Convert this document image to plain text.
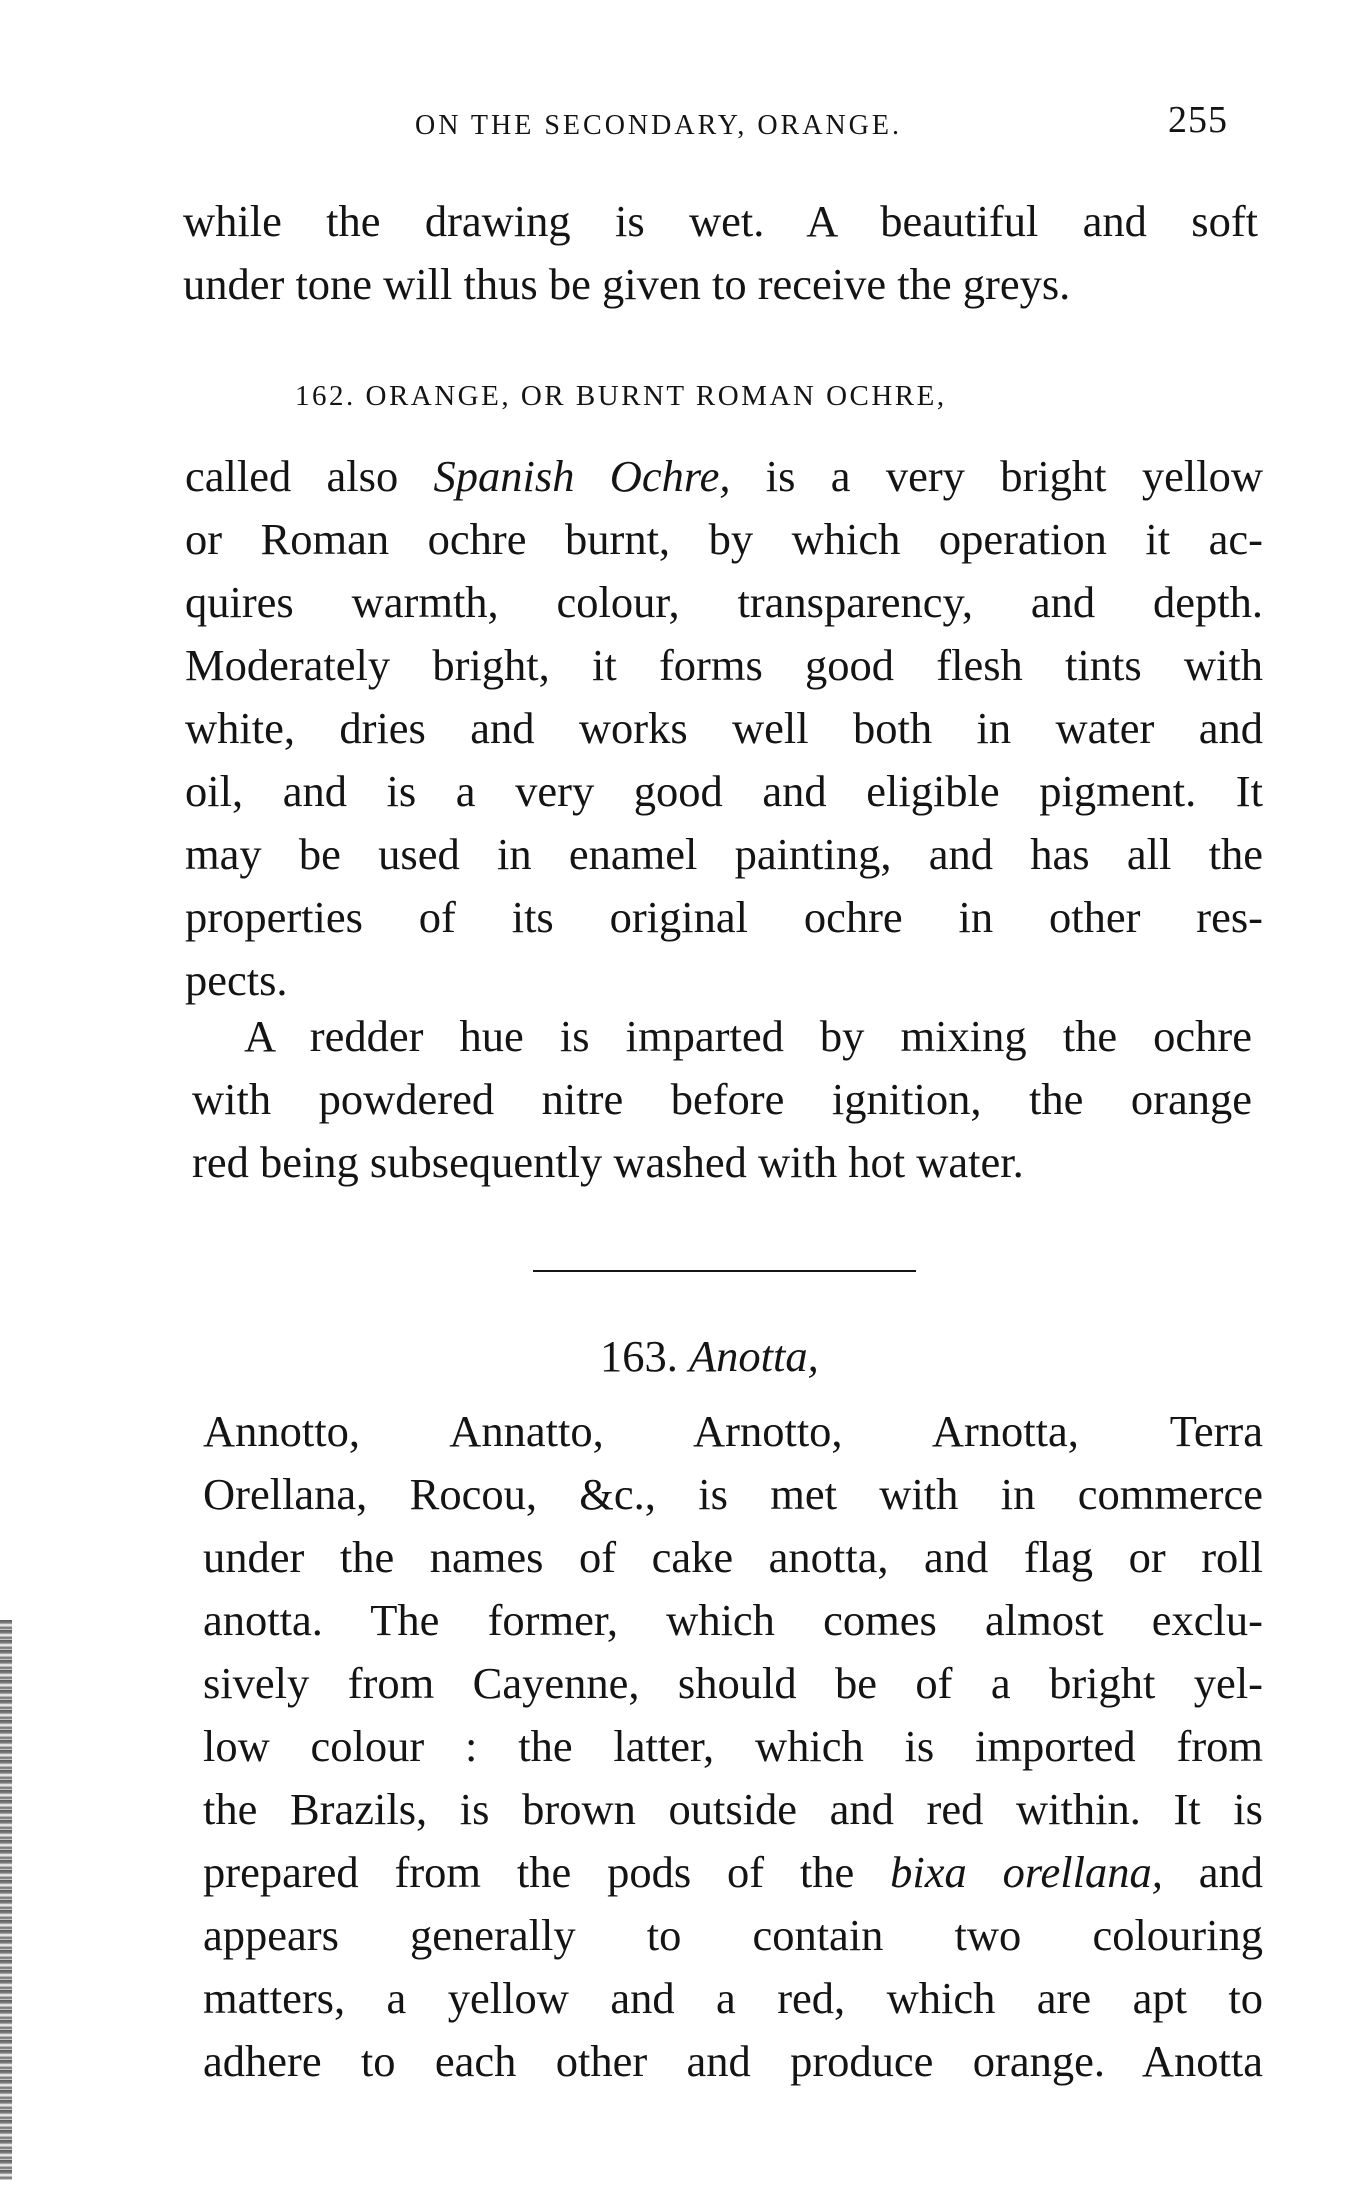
ON THE SECONDARY, ORANGE.	255
while the drawing is wet. A beautiful and soft
under tone will thus be given to receive the greys.
162. ORANGE, OR BURNT ROMAN OCHRE,
called also Spanish Ochre, is a very bright yellow
or Roman ochre burnt, by which operation it ac-
quires warmth, colour, transparency, and depth.
Moderately bright, it forms good flesh tints with
white, dries and works well both in water and
oil, and is a very good and eligible pigment. It
may be used in enamel painting, and has all the
properties of its original ochre in other res-
pects.
A redder hue is imparted by mixing the ochre
with powdered nitre before ignition, the orange
red being subsequently washed with hot water.
163. Anotta,
Annotto, Annatto, Arnotto, Arnotta, Terra
Orellana, Rocou, &c., is met with in commerce
under the names of cake anotta, and flag or roll
anotta. The former, which comes almost exclu-
sively from Cayenne, should be of a bright yel-
low colour : the latter, which is imported from
the Brazils, is brown outside and red within. It is
prepared from the pods of the bixa orellana, and
appears generally to contain two colouring
matters, a yellow and a red, which are apt to
adhere to each other and produce orange. Anotta
